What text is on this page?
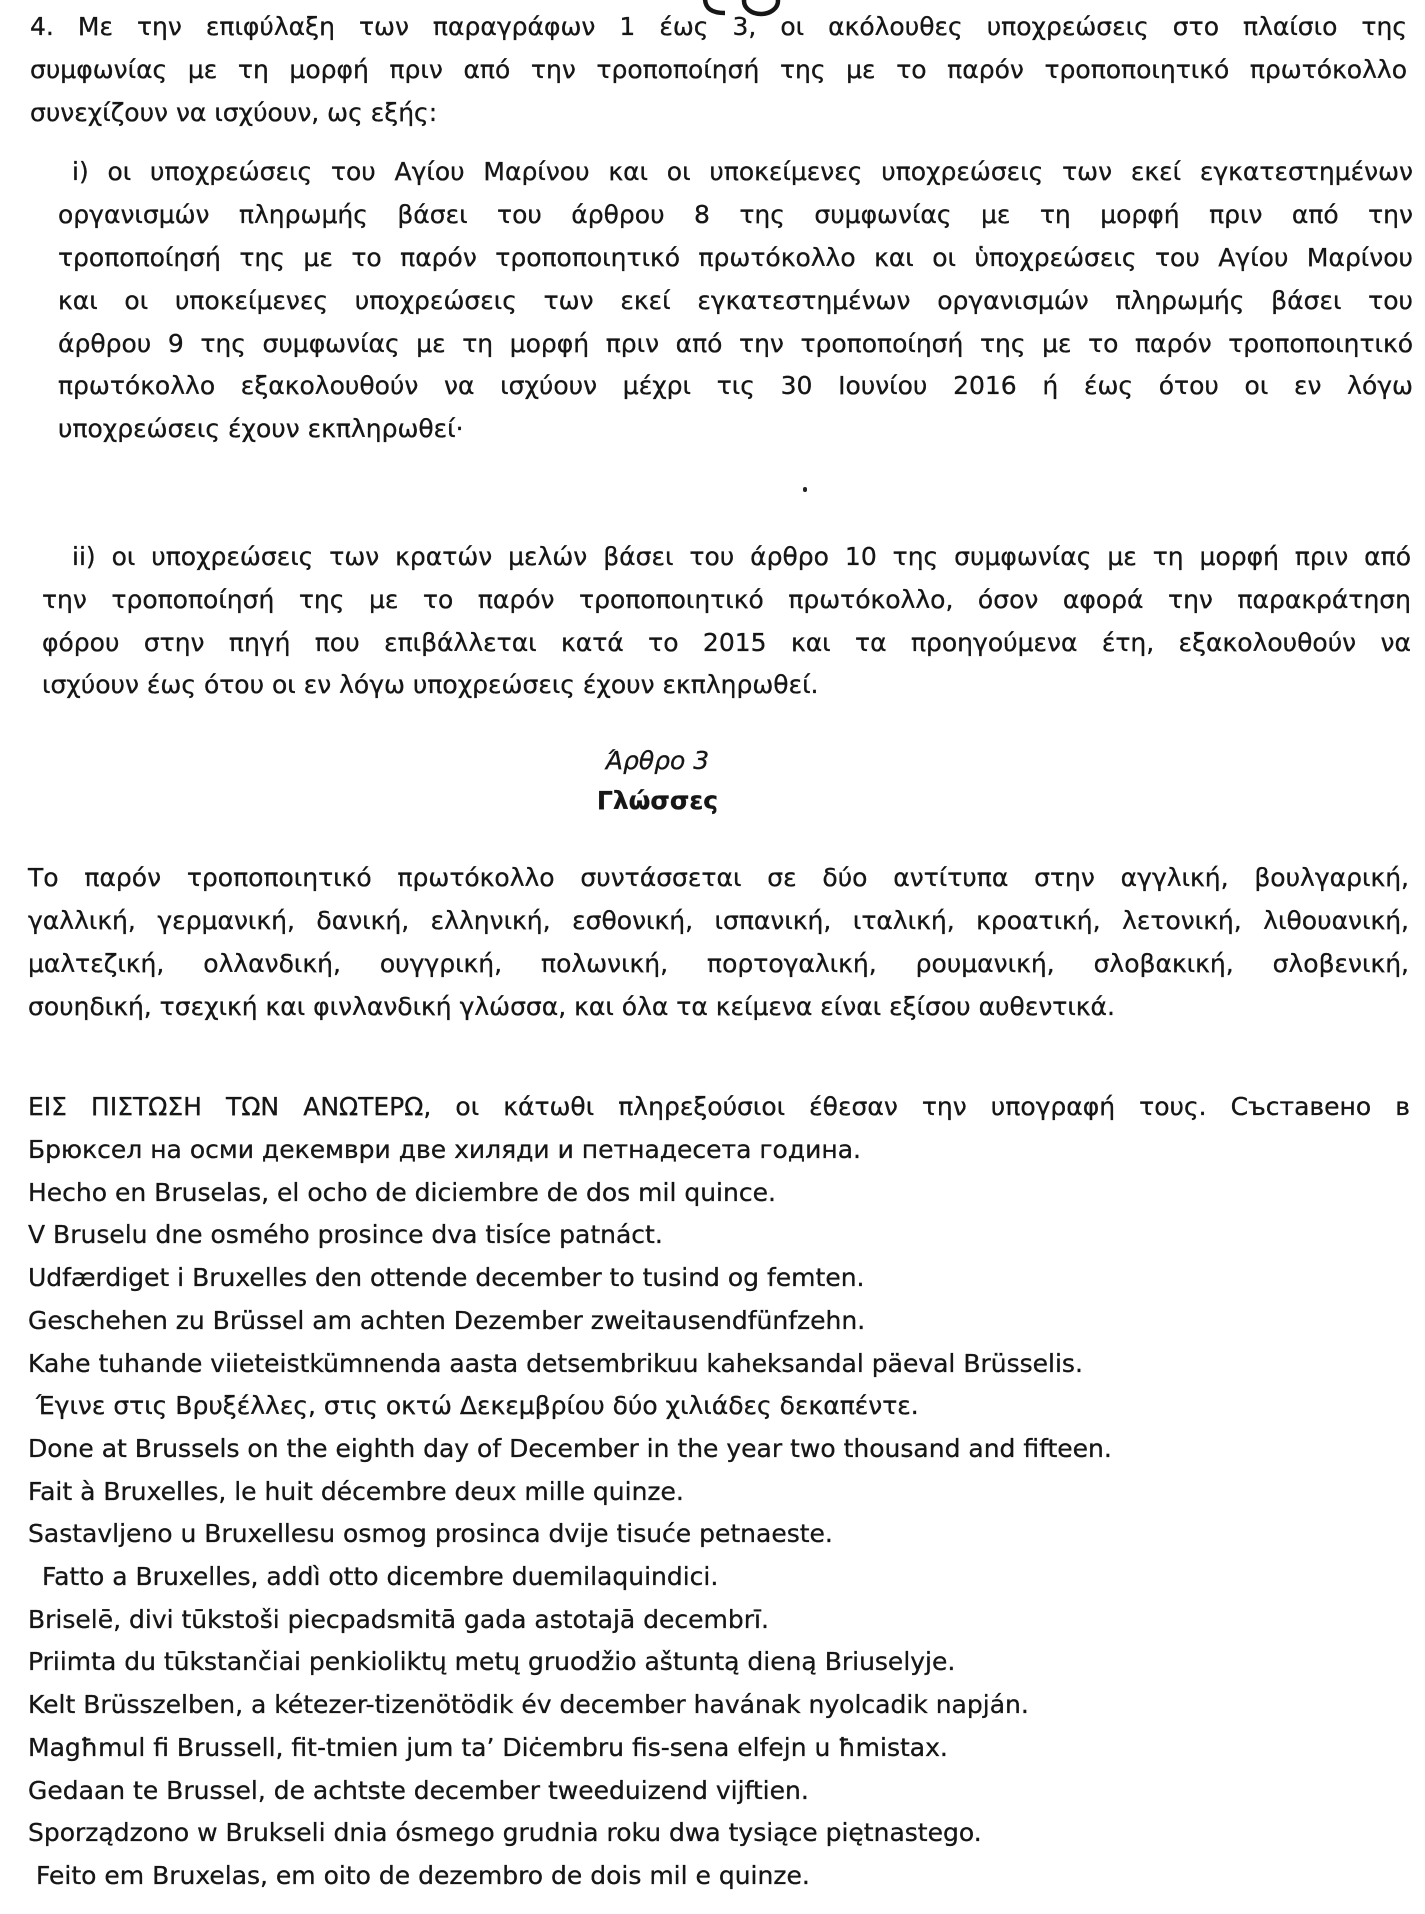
4. Με την επιφύλαξη των παραγράφων 1 έως 3, οι ακόλουθες υποχρεώσεις στο πλαίσιο της
συμφωνίας με τη μορφή πριν από την τροποποίησή της με το παρόν τροποποιητικό πρωτόκολλο
συνεχίζουν να ισχύουν, ως εξής:
i) οι υποχρεώσεις του Αγίου Μαρίνου και οι υποκείμενες υποχρεώσεις των εκεί εγκατεστημένων
οργανισμών πληρωμής βάσει του άρθρου 8 της συμφωνίας με τη μορφή πριν από την
τροποποίησή της με το παρόν τροποποιητικό πρωτόκολλο και οι ὑποχρεώσεις του Αγίου Μαρίνου
και οι υποκείμενες υποχρεώσεις των εκεί εγκατεστημένων οργανισμών πληρωμής βάσει του
άρθρου 9 της συμφωνίας με τη μορφή πριν από την τροποποίησή της με το παρόν τροποποιητικό
πρωτόκολλο εξακολουθούν να ισχύουν μέχρι τις 30 Ιουνίου 2016 ή έως ότου οι εν λόγω
υποχρεώσεις έχουν εκπληρωθεί·
ii) οι υποχρεώσεις των κρατών μελών βάσει του άρθρο 10 της συμφωνίας με τη μορφή πριν από
την τροποποίησή της με το παρόν τροποποιητικό πρωτόκολλο, όσον αφορά την παρακράτηση
φόρου στην πηγή που επιβάλλεται κατά το 2015 και τα προηγούμενα έτη, εξακολουθούν να
ισχύουν έως ότου οι εν λόγω υποχρεώσεις έχουν εκπληρωθεί.
Άρθρο 3
Γλώσσες
Το παρόν τροποποιητικό πρωτόκολλο συντάσσεται σε δύο αντίτυπα στην αγγλική, βουλγαρική,
γαλλική, γερμανική, δανική, ελληνική, εσθονική, ισπανική, ιταλική, κροατική, λετονική, λιθουανική,
μαλτεζική, ολλανδική, ουγγρική, πολωνική, πορτογαλική, ρουμανική, σλοβακική, σλοβενική,
σουηδική, τσεχική και φινλανδική γλώσσα, και όλα τα κείμενα είναι εξίσου αυθεντικά.
ΕΙΣ ΠΙΣΤΩΣΗ ΤΩΝ ΑΝΩΤΕΡΩ, οι κάτωθι πληρεξούσιοι έθεσαν την υπογραφή τους. Съставено в
Брюксел на осми декември две хиляди и петнадесета година.
Hecho en Bruselas, el ocho de diciembre de dos mil quince.
V Bruselu dne osmého prosince dva tisíce patnáct.
Udfærdiget i Bruxelles den ottende december to tusind og femten.
Geschehen zu Brüssel am achten Dezember zweitausendfünfzehn.
Kahe tuhande viieteistkümnenda aasta detsembrikuu kaheksandal päeval Brüsselis.
Έγινε στις Βρυξέλλες, στις οκτώ Δεκεμβρίου δύο χιλιάδες δεκαπέντε.
Done at Brussels on the eighth day of December in the year two thousand and fifteen.
Fait à Bruxelles, le huit décembre deux mille quinze.
Sastavljeno u Bruxellesu osmog prosinca dvije tisuće petnaeste.
Fatto a Bruxelles, addì otto dicembre duemilaquindici.
Briselē, divi tūkstoši piecpadsmitā gada astotajā decembrī.
Priimta du tūkstančiai penkioliktų metų gruodžio aštuntą dieną Briuselyje.
Kelt Brüsszelben, a kétezer-tizenötödik év december havának nyolcadik napján.
Magħmul fi Brussell, fit-tmien jum ta’ Diċembru fis-sena elfejn u ħmistax.
Gedaan te Brussel, de achtste december tweeduizend vijftien.
Sporządzono w Brukseli dnia ósmego grudnia roku dwa tysiące piętnastego.
Feito em Bruxelas, em oito de dezembro de dois mil e quinze.
